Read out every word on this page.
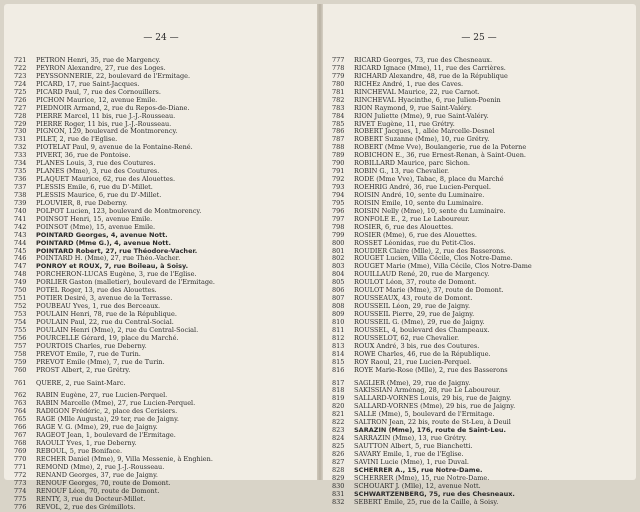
— 24 —
721	PETRON Henri, 35, rue de Margency.
722	PEYRON Alexandre, 27, rue des Loges.
723	PEYSSONNERIE, 22, boulevard de l'Ermitage.
724	PICARD, 17, rue Saint-Jacques.
725	PICARD Paul, 7, rue des Cornouillers.
726	PICHON Maurice, 12, avenue Emile.
727	PIEDNOIR Armand, 2, rue du Repos-de-Diane.
728	PIERRE Marcel, 11 bis, rue J.-J.-Rousseau.
729	PIERRE Roger, 11 bis, rue J.-J.-Rousseau.
730	PIGNON, 129, boulevard de Montmorency.
731	PILET, 2, rue de l'Eglise.
732	PIOTELAT Paul, 9, avenue de la Fontaine-René.
733	PIVERT, 36, rue de Pontoise.
734	PLANES Louis, 3, rue des Coutures.
735	PLANES (Mme), 3, rue des Coutures.
736	PLAQUET Maurice, 62, rue des Alouettes.
737	PLESSIS Emile, 6, rue du D'-Millet.
738	PLESSIS Maurice, 6, rue du D'-Millet.
739	PLOUVIER, 8, rue Deberny.
740	POLPOT Lucien, 123, boulevard de Montmorency.
741	POINSOT Henri, 15, avenue Emile.
742	POINSOT (Mme), 15, avenue Emile.
743	POINTARD Georges, 4, avenue Nott.
744	POINTARD (Mme G.), 4, avenue Nott.
745	POINTARD Robert, 27, rue Théodore-Vacher.
746	POINTARD H. (Mme), 27, rue Théo.-Vacher.
747	PONROY et ROUX, 7, rue Boileau, à Soisy.
748	PORCHERON-LUCAS Eugène, 3, rue de l'Eglise.
749	PORLIER Gaston (malletier), boulevard de l'Ermitage.
750	POTEL Roger, 13, rue des Alouettes.
751	POTIER Desiré, 3, avenue de la Terrasse.
752	POUBEAU Yves, 1, rue des Berceaux.
753	POULAIN Henri, 78, rue de la République.
754	POULAIN Paul, 22, rue du Central-Social.
755	POULAIN Henri (Mme), 2, rue du Central-Social.
756	POURCELLE Gérard, 19, place du Marché.
757	POURTOIS Charles, rue Deberny.
758	PREVOT Emile, 7, rue de Turin.
759	PREVOT Emile (Mme), 7, rue de Turin.
760	PROST Albert, 2, rue Grétry.
761	QUERE, 2, rue Saint-Marc.
762	RABIN Eugène, 27, rue Lucien-Perquel.
763	RABIN Marcelle (Mme), 27, rue Lucien-Perquel.
764	RADIGON Frédéric, 2, place des Cerisiers.
765	RAGE (Mlle Augusta), 29 ter, rue de Jaigny.
766	RAGE V. G. (Mme), 29, rue de Jaigny.
767	RAGEOT Jean, 1, boulevard de l'Ermitage.
768	RAOULT Yves, 1, rue Deberny.
769	REBOUL, 5, rue Boniface.
770	RECHER Daniel (Mme), 9, Villa Messenie, à Enghien.
771	REMOND (Mme), 2, rue J.-J.-Rousseau.
772	RENAND Georges, 37, rue de Jaigny.
773	RENOUF Georges, 70, route de Domont.
774	RENOUF Léon, 70, route de Domont.
775	RENTY, 3, rue du Docteur-Millet.
776	REVOL, 2, rue des Grémillots.
— 25 —
777	RICARD Georges, 73, rue des Chesneaux.
778	RICARD Ignace (Mme), 11, rue des Carrières.
779	RICHARD Alexandre, 48, rue de la République
780	RICHEz André, 1, rue des Caves.
781	RINCHEVAL Maurice, 22, rue Carnot.
782	RINCHEVAL Hyacinthe, 6, rue Julien-Poenin
783	RION Raymond, 9, rue Saint-Valéry.
784	RION Juliette (Mme), 9, rue Saint-Valéry.
785	RIVET Eugène, 11, rue Grétry.
786	ROBERT Jacques, 1, allée Marcelle-Desnel
787	ROBERT Suzanne (Mme), 10, rue Grétry.
788	ROBERT (Mme Vve), Boulangerie, rue de la Poterne
789	ROBICHON E., 36, rue Ernest-Renan, à Saint-Ouen.
790	ROBILLARD Maurice, parc Sichon.
791	ROBIN G., 13, rue Chevalier.
792	RODE (Mme Vve), Tabac, 8, place du Marché
793	ROEHRIG André, 36, rue Lucien-Perquel.
794	ROISIN André, 10, sente du Luminaire.
795	ROISIN Emile, 10, sente du Luminaire.
796	ROISIN Nelly (Mme), 10, sente du Luminaire.
797	RONFOLE E., 2, rue Le Laboureur.
798	ROSIER, 6, rue des Alouettes.
799	ROSIER (Mme), 6, rue des Alouettes.
800	ROSSET Léonidas, rue du Petit-Clos.
801	ROUDIER Claire (Mlle), 2, rue des Basserons.
802	ROUGET Lucien, Villa Cécile, Clos Notre-Dame.
803	ROUGET Marie (Mme), Villa Cécile, Clos Notre-Dame
804	ROUILLAUD René, 20, rue de Margency.
805	ROULOT Léon, 37, route de Domont.
806	ROULOT Marie (Mme), 37, route de Domont.
807	ROUSSEAUX, 43, route de Domont.
808	ROUSSEIL Léon, 29, rue de Jaigny.
809	ROUSSEIL Pierre, 29, rue de Jaigny.
810	ROUSSEIL G. (Mme), 29, rue de Jaigny.
811	ROUSSEL, 4, boulevard des Champeaux.
812	ROUSSELOT, 62, rue Chevalier.
813	ROUX André, 3 bis, rue des Coutures.
814	ROWE Charles, 46, rue de la République.
815	ROY Raoul, 21, rue Lucien-Perquel.
816	ROYE Marie-Rose (Mlle), 2, rue des Basserons
817	SAGLIER (Mme), 29, rue de Jaigny.
818	SAKISSIAN Arménag, 28, rue Le Laboureur.
819	SALLARD-VORNES Louis, 29 bis, rue de Jaigny.
820	SALLARD-VORNES (Mme), 29 bis, rue de Jaigny.
821	SALLE (Mme), 5, boulevard de l'Ermitage.
822	SALTRON Jean, 22 bis, route de St-Leu, à Deuil
823	SARAZIN (Mme), 176, route de Saint-Leu.
824	SARRAZIN (Mme), 13, rue Grétry.
825	SAUTTON Albert, 5, rue Bianchetti.
826	SAVARY Emile, 1, rue de l'Eglise.
827	SAVINI Lucie (Mme), 1, rue Duval.
828	SCHERRER A., 15, rue Notre-Dame.
829	SCHERRER (Mme), 15, rue Notre-Dame.
830	SCHOUART J. (Mlle), 12, avenue Nott.
831	SCHWARTZENBERG, 75, rue des Chesneaux.
832	SEBERT Emile, 25, rue de la Caille, à Soisy.
